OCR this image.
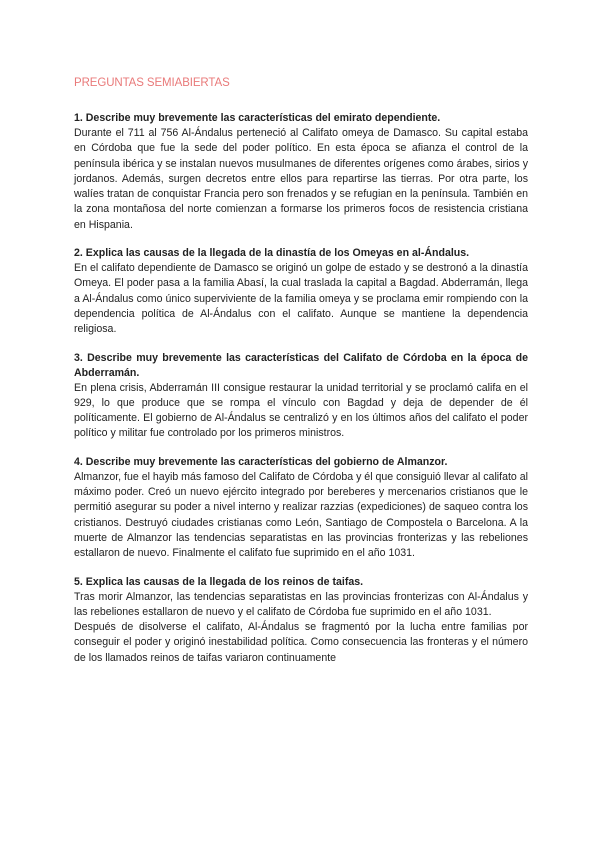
PREGUNTAS SEMIABIERTAS

1. Describe muy brevemente las características del emirato dependiente.

Durante el 711 al 756 Al-Ándalus perteneció al Califato omeya de Damasco. Su capital estaba en Córdoba que fue la sede del poder político. En esta época se afianza el control de la península ibérica y se instalan nuevos musulmanes de diferentes orígenes como árabes, sirios y jordanos. Además, surgen decretos entre ellos para repartirse las tierras. Por otra parte, los walíes tratan de conquistar Francia pero son frenados y se refugian en la península. También en la zona montañosa del norte comienzan a formarse los primeros focos de resistencia cristiana en Hispania.

2. Explica las causas de la llegada de la dinastía de los Omeyas en al-Ándalus.

En el califato dependiente de Damasco se originó un golpe de estado y se destronó a la dinastía Omeya. El poder pasa a la familia Abasí, la cual traslada la capital a Bagdad. Abderramán, llega a Al-Ándalus como único superviviente de la familia omeya y se proclama emir rompiendo con la dependencia política de Al-Ándalus con el califato. Aunque se mantiene la dependencia religiosa.

3. Describe muy brevemente las características del Califato de Córdoba en la época de Abderramán.

En plena crisis, Abderramán III consigue restaurar la unidad territorial y se proclamó califa en el 929, lo que produce que se rompa el vínculo con Bagdad y deja de depender de él políticamente. El gobierno de Al-Ándalus se centralizó y en los últimos años del califato el poder político y militar fue controlado por los primeros ministros.

4. Describe muy brevemente las características del gobierno de Almanzor.

Almanzor, fue el hayib más famoso del Califato de Córdoba y él que consiguió llevar al califato al máximo poder. Creó un nuevo ejército integrado por bereberes y mercenarios cristianos que le permitió asegurar su poder a nivel interno y realizar razzias (expediciones) de saqueo contra los cristianos. Destruyó ciudades cristianas como León, Santiago de Compostela o Barcelona. A la muerte de Almanzor las tendencias separatistas en las provincias fronterizas y las rebeliones estallaron de nuevo. Finalmente el califato fue suprimido en el año 1031.

5. Explica las causas de la llegada de los reinos de taifas.

Tras morir Almanzor, las tendencias separatistas en las provincias fronterizas con Al-Ándalus y las rebeliones estallaron de nuevo y el califato de Córdoba fue suprimido en el año 1031.

Después de disolverse el califato, Al-Ándalus se fragmentó por la lucha entre familias por conseguir el poder y originó inestabilidad política. Como consecuencia las fronteras y el número de los llamados reinos de taifas variaron continuamente
